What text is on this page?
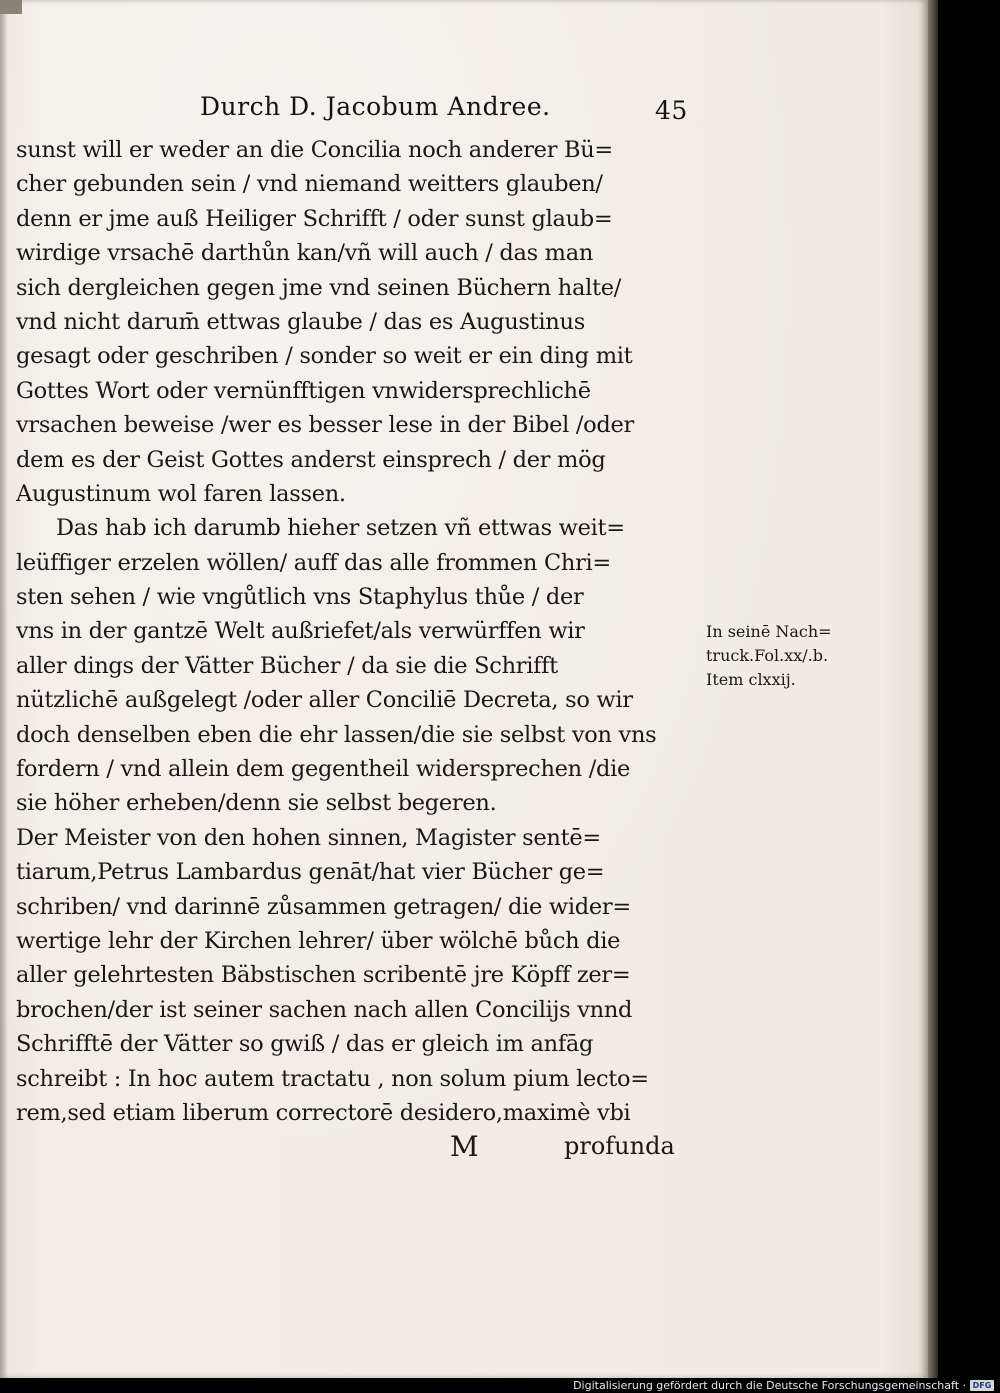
Durch D. Jacobum Andree.	45
sunst will er weder an die Concilia noch anderer Bü=
cher gebunden sein / vnd niemand weitters glauben/
denn er jme auß Heiliger Schrifft / oder sunst glaub=
wirdige vrsachē darthůn kan/vñ will auch / das man
sich dergleichen gegen jme vnd seinen Büchern halte/
vnd nicht darum̄ ettwas glaube / das es Augustinus
gesagt oder geschriben / sonder so weit er ein ding mit
Gottes Wort oder vernünfftigen vnwidersprechlichē
vrsachen beweise /wer es besser lese in der Bibel /oder
dem es der Geist Gottes anderst einsprech / der mög
Augustinum wol faren lassen.
Das hab ich darumb hieher setzen vñ ettwas weit=
leüffiger erzelen wöllen/ auff das alle frommen Chri=
sten sehen / wie vngůtlich vns Staphylus thůe / der
vns in der gantzē Welt außriefet/als verwürffen wir
aller dings der Vätter Bücher / da sie die Schrifft
nützlichē außgelegt /oder aller Conciliē Decreta, so wir
doch denselben eben die ehr lassen/die sie selbst von vns
fordern / vnd allein dem gegentheil widersprechen /die
sie höher erheben/denn sie selbst begeren.
Der Meister von den hohen sinnen, Magister sentē=
tiarum,Petrus Lambardus genāt/hat vier Bücher ge=
schriben/ vnd darinnē zůsammen getragen/ die wider=
wertige lehr der Kirchen lehrer/ über wölchē bůch die
aller gelehrtesten Bäbstischen scribentē jre Köpff zer=
brochen/der ist seiner sachen nach allen Concilijs vnnd
Schrifftē der Vätter so gwiß / das er gleich im anfāg
schreibt : In hoc autem tractatu , non solum pium lecto=
rem,sed etiam liberum correctorē desidero,maximè vbi
In seinē Nach=
truck.Fol.xx/.b.
Item clxxij.
M	profunda
Digitalisierung gefördert durch die Deutsche Forschungsgemeinschaft · DFG
